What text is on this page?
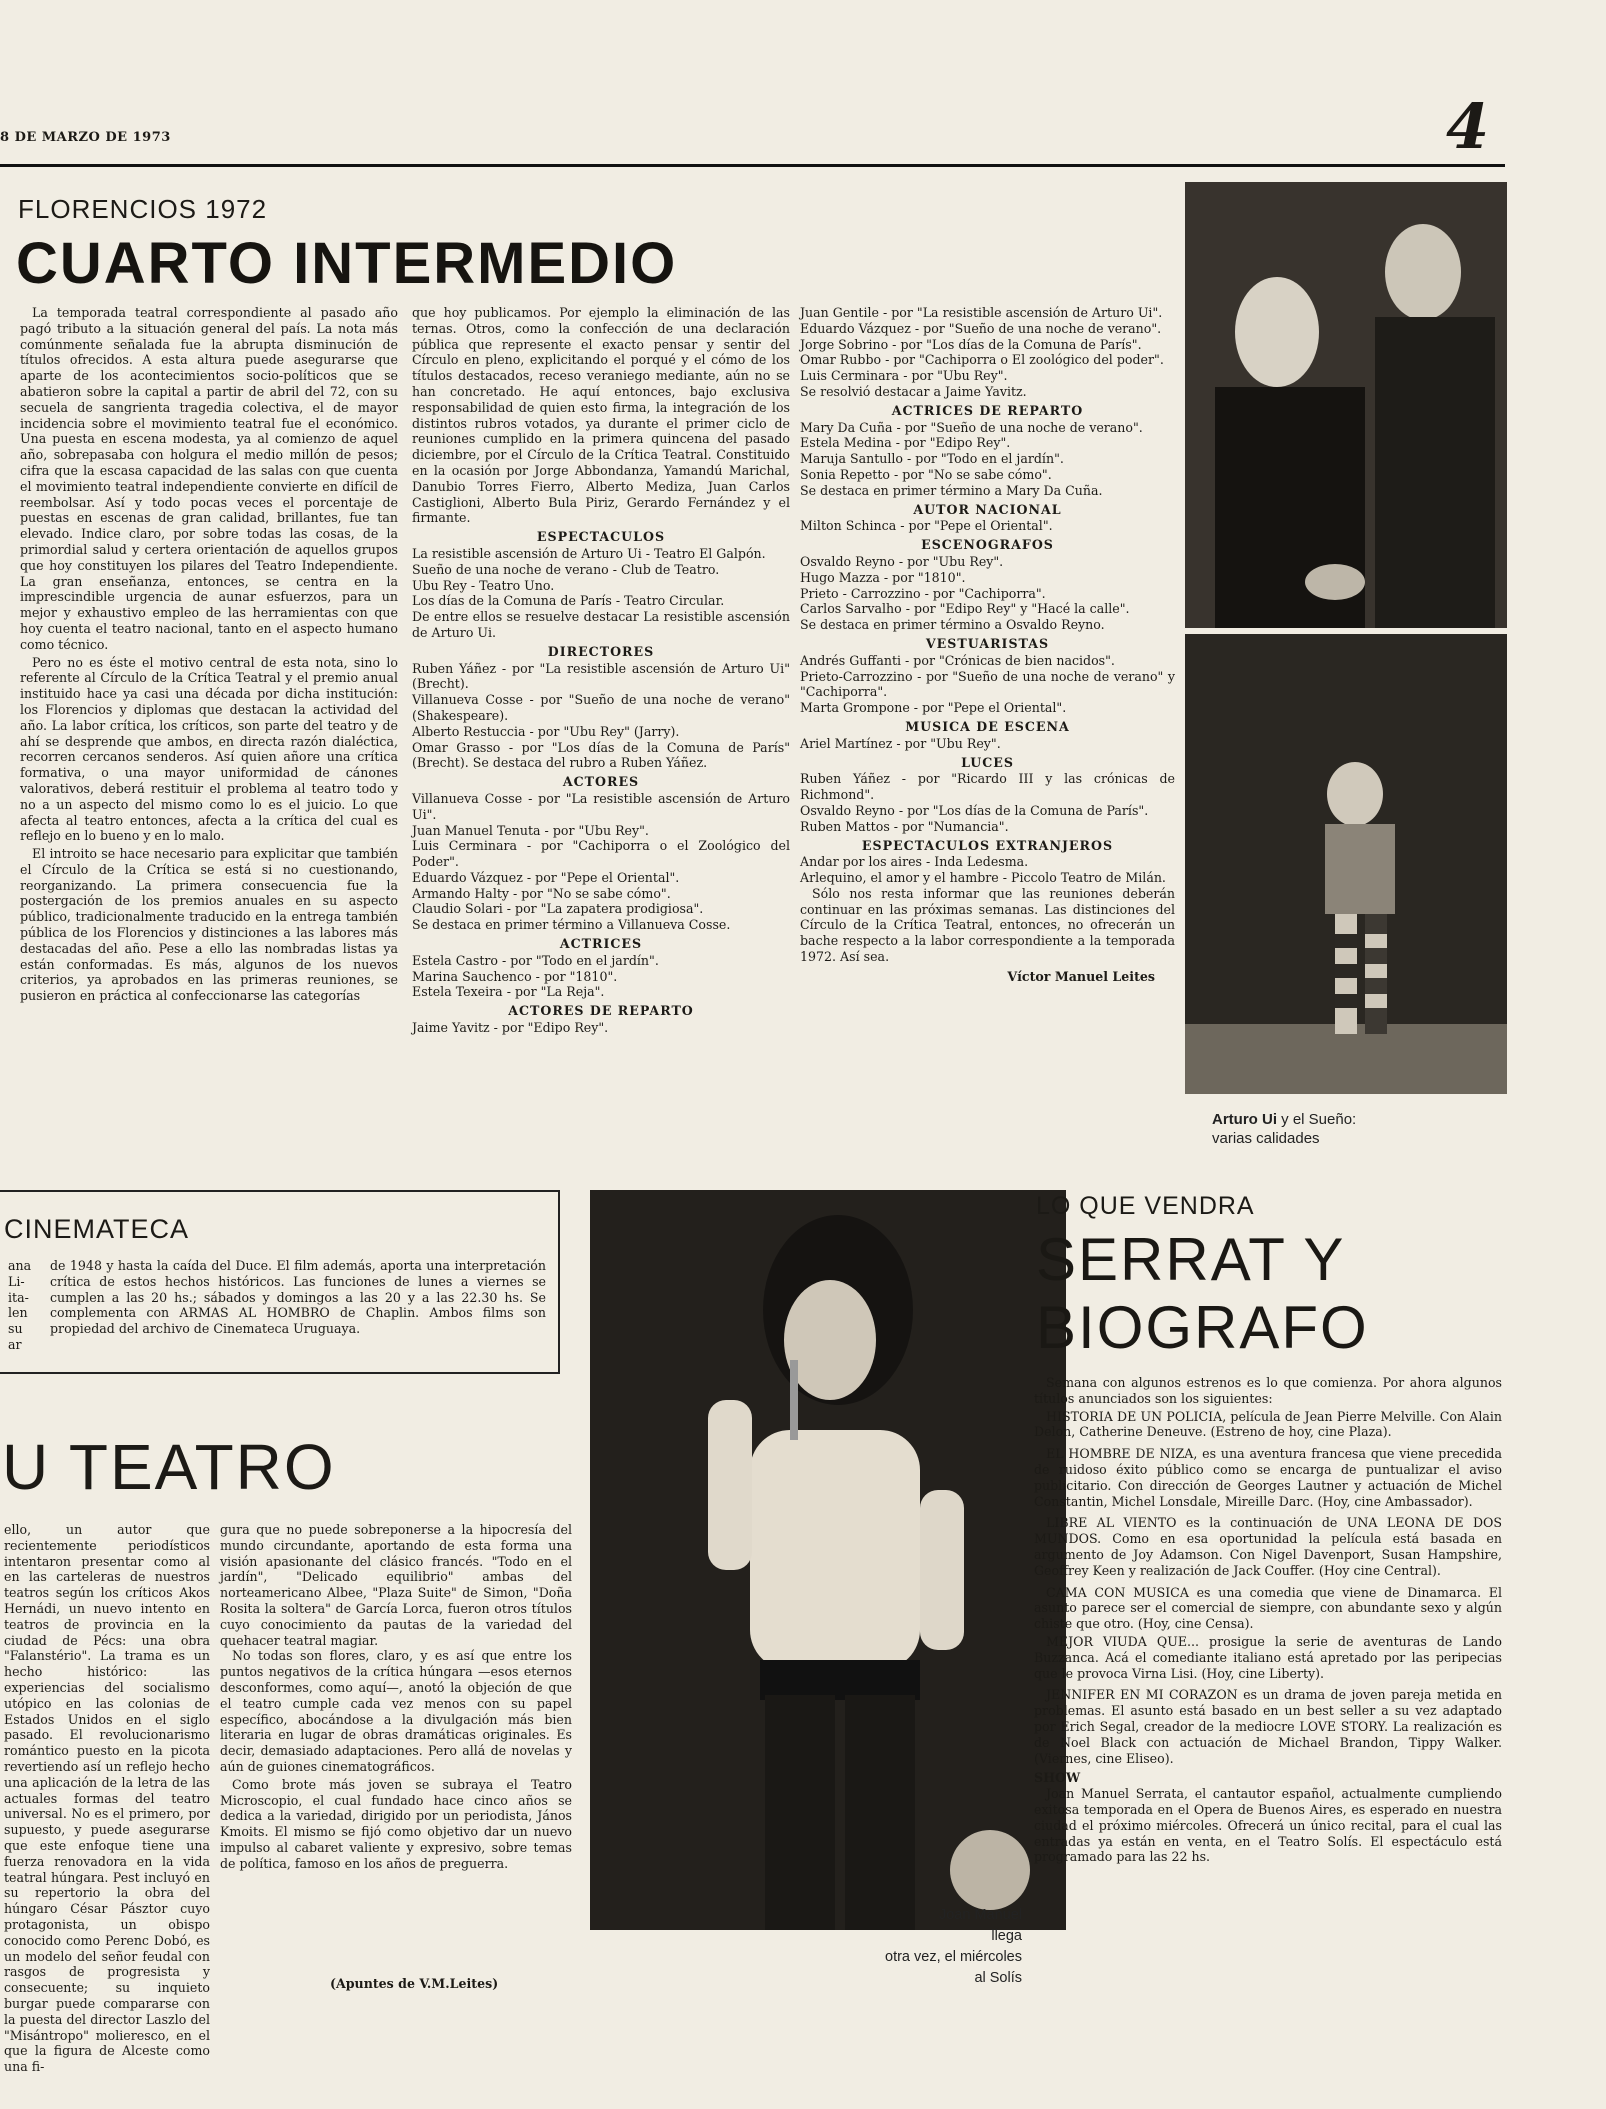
8 DE MARZO DE 1973	4
FLORENCIOS 1972
CUARTO INTERMEDIO

La temporada teatral correspondiente al pasado año pagó tributo a la situación general del país. La nota más comúnmente señalada fue la abrupta disminución de títulos ofrecidos. A esta altura puede asegurarse que aparte de los acontecimientos socio-políticos que se abatieron sobre la capital a partir de abril del 72, con su secuela de sangrienta tragedia colectiva, el de mayor incidencia sobre el movimiento teatral fue el económico. Una puesta en escena modesta, ya al comienzo de aquel año, sobrepasaba con holgura el medio millón de pesos; cifra que la escasa capacidad de las salas con que cuenta el movimiento teatral independiente convierte en difícil de reembolsar. Así y todo pocas veces el porcentaje de puestas en escenas de gran calidad, brillantes, fue tan elevado. Indice claro, por sobre todas las cosas, de la primordial salud y certera orientación de aquellos grupos que hoy constituyen los pilares del Teatro Independiente. La gran enseñanza, entonces, se centra en la imprescindible urgencia de aunar esfuerzos, para un mejor y exhaustivo empleo de las herramientas con que hoy cuenta el teatro nacional, tanto en el aspecto humano como técnico.

Pero no es éste el motivo central de esta nota, sino lo referente al Círculo de la Crítica Teatral y el premio anual instituido hace ya casi una década por dicha institución: los Florencios y diplomas que destacan la actividad del año. La labor crítica, los críticos, son parte del teatro y de ahí se desprende que ambos, en directa razón dialéctica, recorren cercanos senderos. Así quien añore una crítica formativa, o una mayor uniformidad de cánones valorativos, deberá restituir el problema al teatro todo y no a un aspecto del mismo como lo es el juicio. Lo que afecta al teatro entonces, afecta a la crítica del cual es reflejo en lo bueno y en lo malo.

El introito se hace necesario para explicitar que también el Círculo de la Crítica se está si no cuestionando, reorganizando. La primera consecuencia fue la postergación de los premios anuales en su aspecto público, tradicionalmente traducido en la entrega también pública de los Florencios y distinciones a las labores más destacadas del año. Pese a ello las nombradas listas ya están conformadas. Es más, algunos de los nuevos criterios, ya aprobados en las primeras reuniones, se pusieron en práctica al confeccionarse las categorías

que hoy publicamos. Por ejemplo la eliminación de las ternas. Otros, como la confección de una declaración pública que represente el exacto pensar y sentir del Círculo en pleno, explicitando el porqué y el cómo de los títulos destacados, receso veraniego mediante, aún no se han concretado. He aquí entonces, bajo exclusiva responsabilidad de quien esto firma, la integración de los distintos rubros votados, ya durante el primer ciclo de reuniones cumplido en la primera quincena del pasado diciembre, por el Círculo de la Crítica Teatral. Constituido en la ocasión por Jorge Abbondanza, Yamandú Marichal, Danubio Torres Fierro, Alberto Mediza, Juan Carlos Castiglioni, Alberto Bula Piriz, Gerardo Fernández y el firmante.

ESPECTACULOS

La resistible ascensión de Arturo Ui - Teatro El Galpón.

Sueño de una noche de verano - Club de Teatro.

Ubu Rey - Teatro Uno.

Los días de la Comuna de París - Teatro Circular.

De entre ellos se resuelve destacar La resistible ascensión de Arturo Ui.

DIRECTORES

Ruben Yáñez - por "La resistible ascensión de Arturo Ui" (Brecht).

Villanueva Cosse - por "Sueño de una noche de verano" (Shakespeare).

Alberto Restuccia - por "Ubu Rey" (Jarry).

Omar Grasso - por "Los días de la Comuna de París" (Brecht). Se destaca del rubro a Ruben Yáñez.

ACTORES

Villanueva Cosse - por "La resistible ascensión de Arturo Ui".

Juan Manuel Tenuta - por "Ubu Rey".

Luis Cerminara - por "Cachiporra o el Zoológico del Poder".

Eduardo Vázquez - por "Pepe el Oriental".

Armando Halty - por "No se sabe cómo".

Claudio Solari - por "La zapatera prodigiosa".

Se destaca en primer término a Villanueva Cosse.

ACTRICES

Estela Castro - por "Todo en el jardín".

Marina Sauchenco - por "1810".

Estela Texeira - por "La Reja".

ACTORES DE REPARTO

Jaime Yavitz - por "Edipo Rey".

Juan Gentile - por "La resistible ascensión de Arturo Ui".

Eduardo Vázquez - por "Sueño de una noche de verano".

Jorge Sobrino - por "Los días de la Comuna de París".

Omar Rubbo - por "Cachiporra o El zoológico del poder".

Luis Cerminara - por "Ubu Rey".

Se resolvió destacar a Jaime Yavitz.

ACTRICES DE REPARTO

Mary Da Cuña - por "Sueño de una noche de verano".

Estela Medina - por "Edipo Rey".

Maruja Santullo - por "Todo en el jardín".

Sonia Repetto - por "No se sabe cómo".

Se destaca en primer término a Mary Da Cuña.

AUTOR NACIONAL

Milton Schinca - por "Pepe el Oriental".

ESCENOGRAFOS

Osvaldo Reyno - por "Ubu Rey".

Hugo Mazza - por "1810".

Prieto - Carrozzino - por "Cachiporra".

Carlos Sarvalho - por "Edipo Rey" y "Hacé la calle".

Se destaca en primer término a Osvaldo Reyno.

VESTUARISTAS

Andrés Guffanti - por "Crónicas de bien nacidos".

Prieto-Carrozzino - por "Sueño de una noche de verano" y "Cachiporra".

Marta Grompone - por "Pepe el Oriental".

MUSICA DE ESCENA

Ariel Martínez - por "Ubu Rey".

LUCES

Ruben Yáñez - por "Ricardo III y las crónicas de Richmond".

Osvaldo Reyno - por "Los días de la Comuna de París".

Ruben Mattos - por "Numancia".

ESPECTACULOS EXTRANJEROS

Andar por los aires - Inda Ledesma.

Arlequino, el amor y el hambre - Piccolo Teatro de Milán.

Sólo nos resta informar que las reuniones deberán continuar en las próximas semanas. Las distinciones del Círculo de la Crítica Teatral, entonces, no ofrecerán un bache respecto a la labor correspondiente a la temporada 1972. Así sea.

Víctor Manuel Leites
Arturo Ui y el Sueño: varias calidades
CINEMATECA
ana
Li-
ita-
len
su
ar

de 1948 y hasta la caída del Duce. El film además, aporta una interpretación crítica de estos hechos históricos. Las funciones de lunes a viernes se cumplen a las 20 hs.; sábados y domingos a las 20 y a las 22.30 hs. Se complementa con ARMAS AL HOMBRO de Chaplin. Ambos films son propiedad del archivo de Cinemateca Uruguaya.

U TEATRO

ello, un autor que recientemente periodísticos intentaron presentar como al en las carteleras de nuestros teatros según los críticos Akos Hernádi, un nuevo intento en teatros de provincia en la ciudad de Pécs: una obra "Falanstério". La trama es un hecho histórico: las experiencias del socialismo utópico en las colonias de Estados Unidos en el siglo pasado. El revolucionarismo romántico puesto en la picota revertiendo así un reflejo hecho una aplicación de la letra de las actuales formas del teatro universal. No es el primero, por supuesto, y puede asegurarse que este enfoque tiene una fuerza renovadora en la vida teatral húngara. Pest incluyó en su repertorio la obra del húngaro César Pásztor cuyo protagonista, un obispo conocido como Perenc Dobó, es un modelo del señor feudal con rasgos de progresista y consecuente; su inquieto burgar puede compararse con la puesta del director Laszlo del "Misántropo" molieresco, en el que la figura de Alceste como una fi-

gura que no puede sobreponerse a la hipocresía del mundo circundante, aportando de esta forma una visión apasionante del clásico francés. "Todo en el jardín", "Delicado equilibrio" ambas del norteamericano Albee, "Plaza Suite" de Simon, "Doña Rosita la soltera" de García Lorca, fueron otros títulos cuyo conocimiento da pautas de la variedad del quehacer teatral magiar.

No todas son flores, claro, y es así que entre los puntos negativos de la crítica húngara —esos eternos desconformes, como aquí—, anotó la objeción de que el teatro cumple cada vez menos con su papel específico, abocándose a la divulgación más bien literaria en lugar de obras dramáticas originales. Es decir, demasiado adaptaciones. Pero allá de novelas y aún de guiones cinematográficos.

Como brote más joven se subraya el Teatro Microscopio, el cual fundado hace cinco años se dedica a la variedad, dirigido por un periodista, János Kmoits. El mismo se fijó como objetivo dar un nuevo impulso al cabaret valiente y expresivo, sobre temas de política, famoso en los años de preguerra.

(Apuntes de V.M.Leites)
Joan Manuel
llega
otra vez, el miércoles
al Solís
LO QUE VENDRA
SERRAT Y
BIOGRAFO

Semana con algunos estrenos es lo que comienza. Por ahora algunos títulos anunciados son los siguientes:

HISTORIA DE UN POLICIA, película de Jean Pierre Melville. Con Alain Delon, Catherine Deneuve. (Estreno de hoy, cine Plaza).

EL HOMBRE DE NIZA, es una aventura francesa que viene precedida de ruidoso éxito público como se encarga de puntualizar el aviso publicitario. Con dirección de Georges Lautner y actuación de Michel Constantin, Michel Lonsdale, Mireille Darc. (Hoy, cine Ambassador).

LIBRE AL VIENTO es la continuación de UNA LEONA DE DOS MUNDOS. Como en esa oportunidad la película está basada en argumento de Joy Adamson. Con Nigel Davenport, Susan Hampshire, Geoffrey Keen y realización de Jack Couffer. (Hoy cine Central).

CAMA CON MUSICA es una comedia que viene de Dinamarca. El asunto parece ser el comercial de siempre, con abundante sexo y algún chiste que otro. (Hoy, cine Censa).

MEJOR VIUDA QUE... prosigue la serie de aventuras de Lando Buzzanca. Acá el comediante italiano está apretado por las peripecias que le provoca Virna Lisi. (Hoy, cine Liberty).

JENNIFER EN MI CORAZON es un drama de joven pareja metida en problemas. El asunto está basado en un best seller a su vez adaptado por Erich Segal, creador de la mediocre LOVE STORY. La realización es de Noel Black con actuación de Michael Brandon, Tippy Walker. (Viernes, cine Eliseo).

SHOW

Joan Manuel Serrata, el cantautor español, actualmente cumpliendo exitosa temporada en el Opera de Buenos Aires, es esperado en nuestra ciudad el próximo miércoles. Ofrecerá un único recital, para el cual las entradas ya están en venta, en el Teatro Solís. El espectáculo está programado para las 22 hs.
